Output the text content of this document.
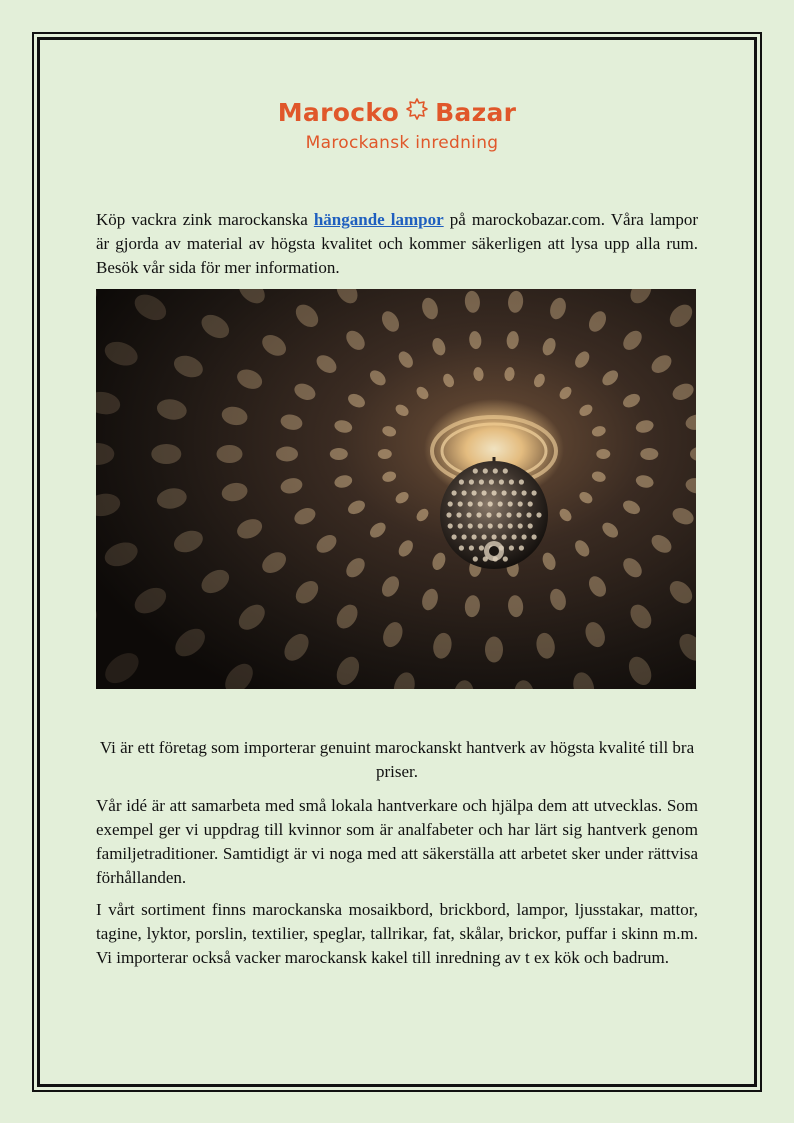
Marocko Bazar
Marockansk inredning
Köp vackra zink marockanska hängande lampor på marockobazar.com. Våra lampor är gjorda av material av högsta kvalitet och kommer säkerligen att lysa upp alla rum. Besök vår sida för mer information.
Vi är ett företag som importerar genuint marockanskt hantverk av högsta kvalité till bra priser.
Vår idé är att samarbeta med små lokala hantverkare och hjälpa dem att utvecklas. Som exempel ger vi uppdrag till kvinnor som är analfabeter och har lärt sig hantverk genom familjetraditioner. Samtidigt är vi noga med att säkerställa att arbetet sker under rättvisa förhållanden.
I vårt sortiment finns marockanska mosaikbord, brickbord, lampor, ljusstakar, mattor, tagine, lyktor, porslin, textilier, speglar, tallrikar, fat, skålar, brickor, puffar i skinn m.m. Vi importerar också vacker marockansk kakel till inredning av t ex kök och badrum.
